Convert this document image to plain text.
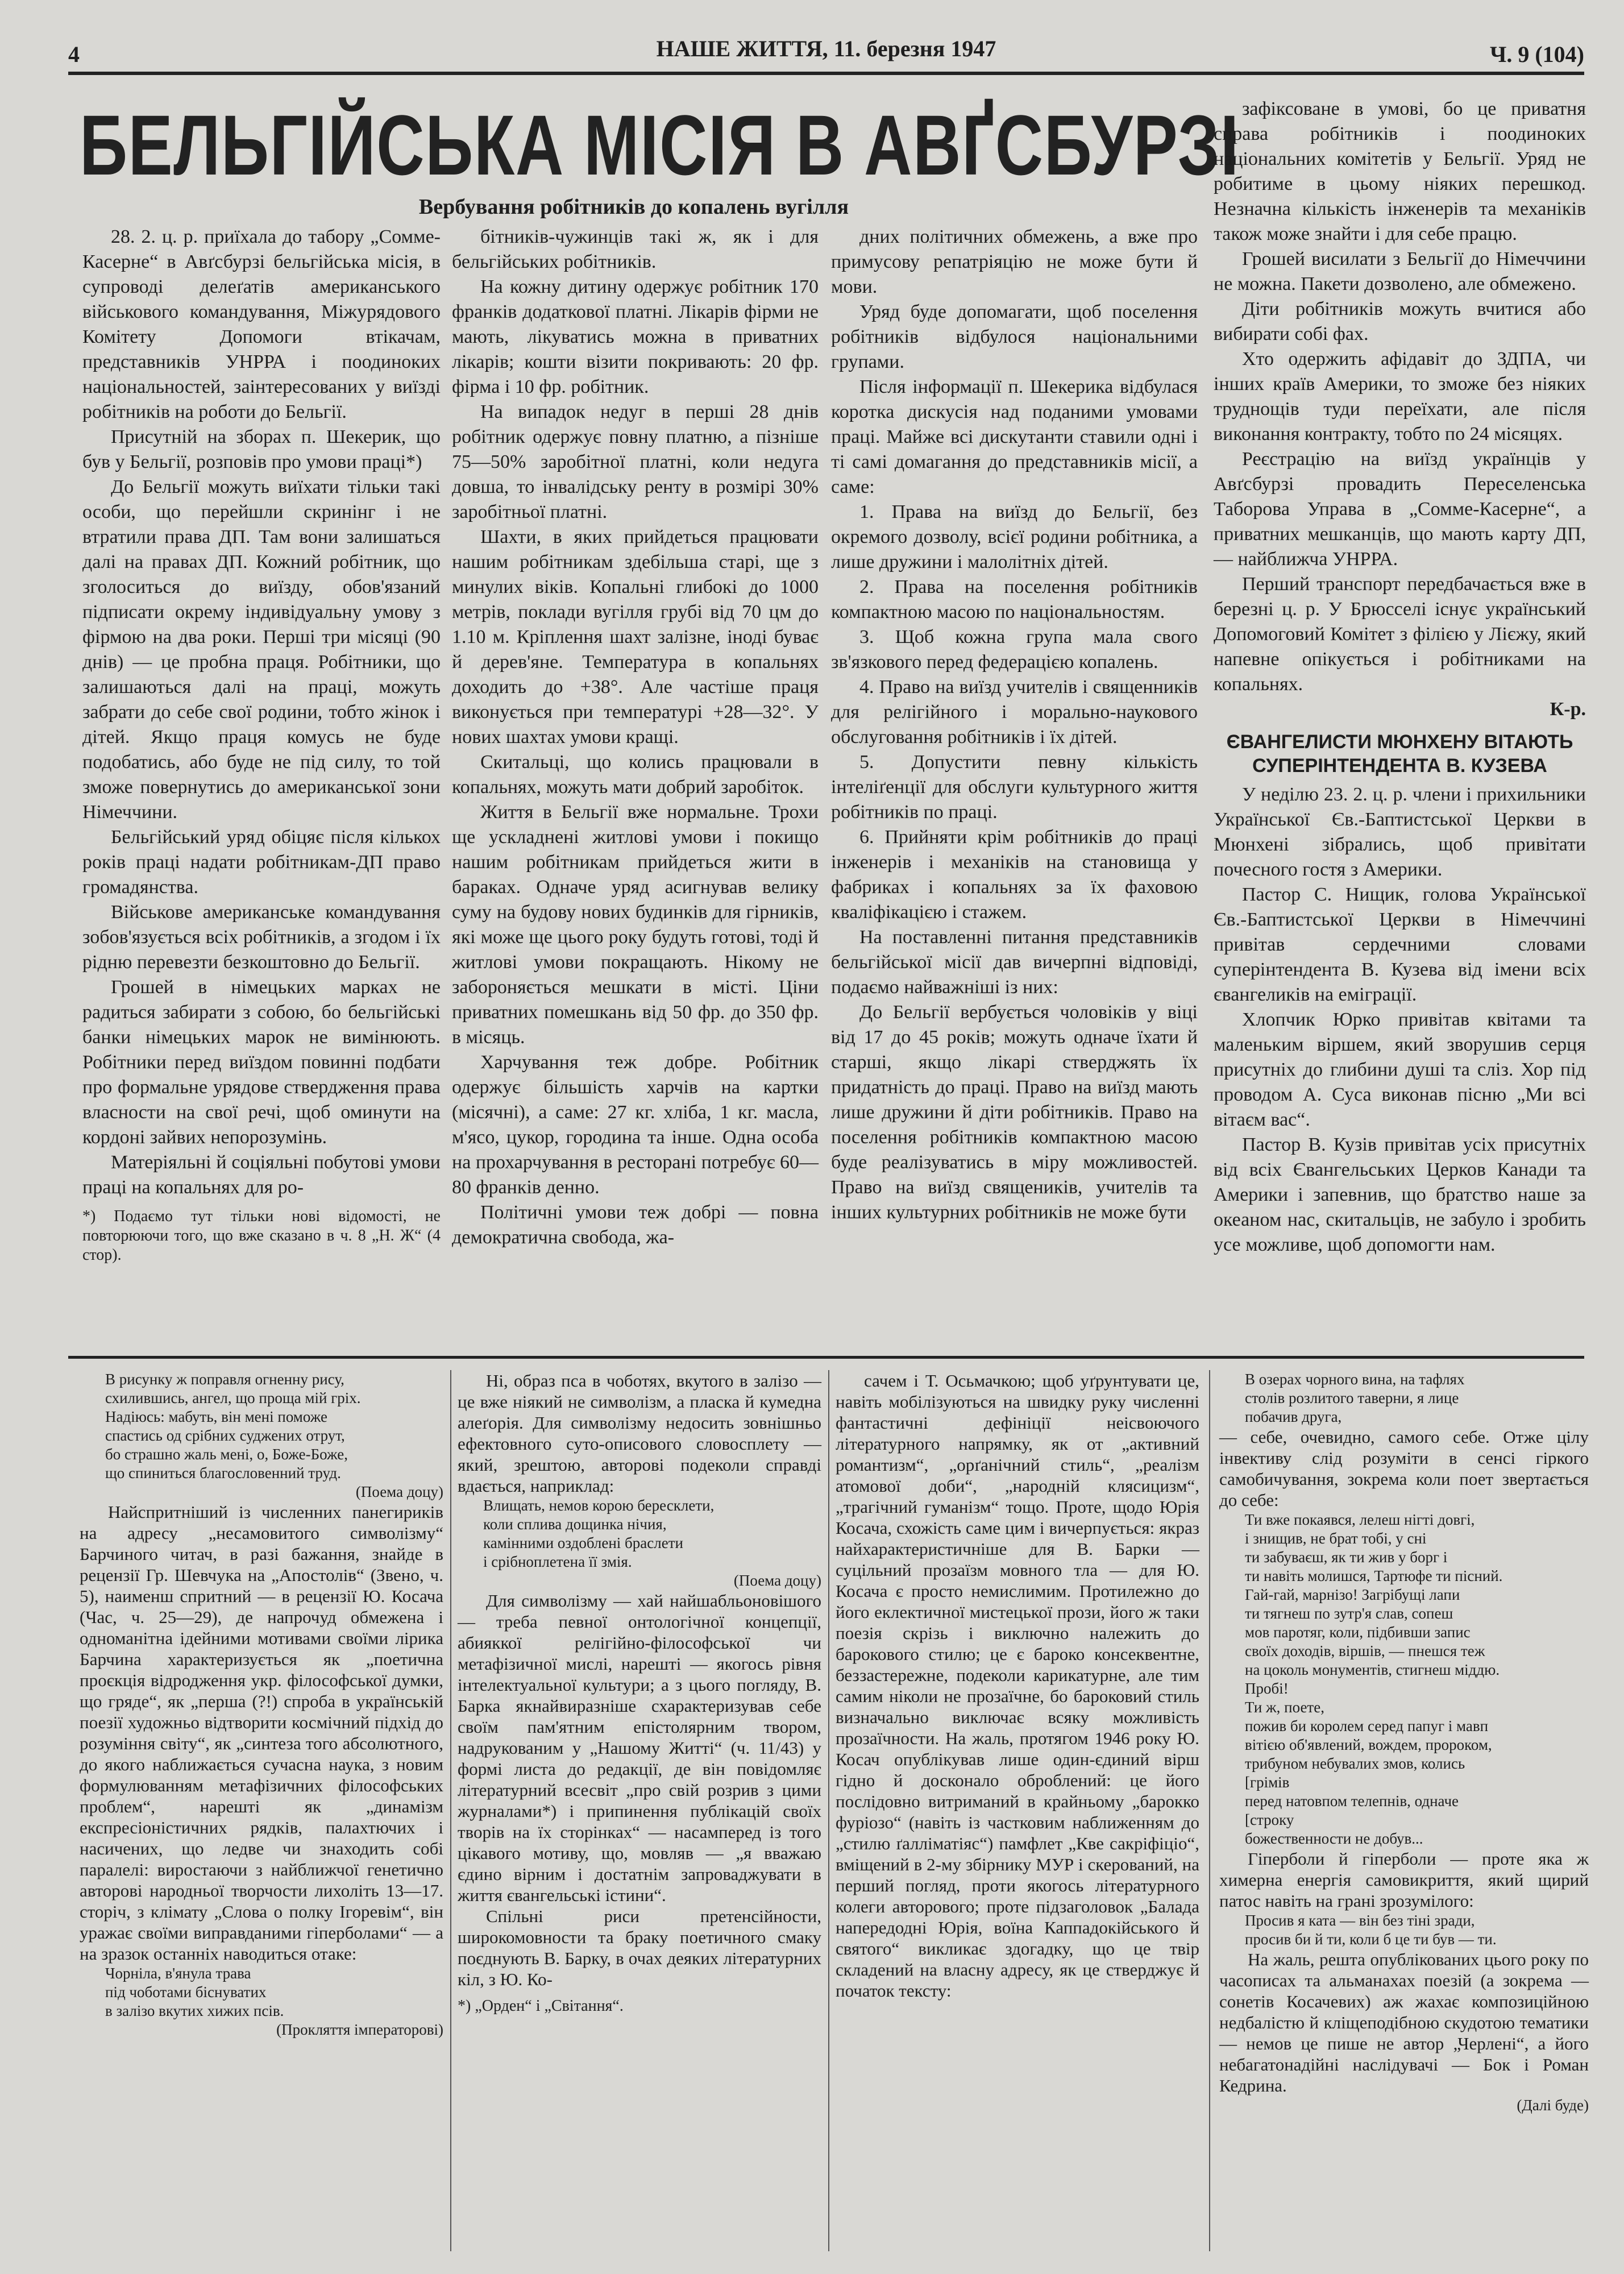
4	НАШЕ ЖИТТЯ, 11. березня 1947	Ч. 9 (104)
БЕЛЬГІЙСЬКА МІСІЯ В АВҐСБУРЗІ
Вербування робітників до копалень вугілля

28. 2. ц. р. приїхала до табору „Сомме-Касерне“ в Авґсбурзі бельгійська місія, в супроводі делеґатів американського військового командування, Міжурядового Комітету Допомоги втікачам, представників УНРРА і поодиноких національностей, заінтересованих у виїзді робітників на роботи до Бельгії.

Присутній на зборах п. Шекерик, що був у Бельгії, розповів про умови праці*)

До Бельгії можуть виїхати тільки такі особи, що перейшли скринінг і не втратили права ДП. Там вони залишаться далі на правах ДП. Кожний робітник, що зголоситься до виїзду, обов'язаний підписати окрему індивідуальну умову з фірмою на два роки. Перші три місяці (90 днів) — це пробна праця. Робітники, що залишаються далі на праці, можуть забрати до себе свої родини, тобто жінок і дітей. Якщо праця комусь не буде подобатись, або буде не під силу, то той зможе повернутись до американської зони Німеччини.

Бельгійський уряд обіцяє після кількох років праці надати робітникам-ДП право громадянства.

Військове американське командування зобов'язується всіх робітників, а згодом і їх рідню перевезти безкоштовно до Бельгії.

Грошей в німецьких марках не радиться забирати з собою, бо бельгійські банки німецьких марок не вимінюють. Робітники перед виїздом повинні подбати про формальне урядове ствердження права власности на свої речі, щоб оминути на кордоні зайвих непорозумінь.

Матеріяльні й соціяльні побутові умови праці на копальнях для ро-

*) Подаємо тут тільки нові відомості, не повторюючи того, що вже сказано в ч. 8 „Н. Ж“ (4 стор).

бітників-чужинців такі ж, як і для бельгійських робітників.

На кожну дитину одержує робітник 170 франків додаткової платні. Лікарів фірми не мають, лікуватись можна в приватних лікарів; кошти візити покривають: 20 фр. фірма і 10 фр. робітник.

На випадок недуг в перші 28 днів робітник одержує повну платню, а пізніше 75—50% заробітної платні, коли недуга довша, то інвалідську ренту в розмірі 30% заробітньої платні.

Шахти, в яких прийдеться працювати нашим робітникам здебільша старі, ще з минулих віків. Копальні глибокі до 1000 метрів, поклади вугілля грубі від 70 цм до 1.10 м. Кріплення шахт залізне, іноді буває й дерев'яне. Температура в копальнях доходить до +38°. Але частіше праця виконується при температурі +28—32°. У нових шахтах умови кращі.

Скитальці, що колись працювали в копальнях, можуть мати добрий заробіток.

Життя в Бельгії вже нормальне. Трохи ще ускладнені житлові умови і покищо нашим робітникам прийдеться жити в бараках. Одначе уряд асигнував велику суму на будову нових будинків для гірників, які може ще цього року будуть готові, тоді й житлові умови покращають. Нікому не забороняється мешкати в місті. Ціни приватних помешкань від 50 фр. до 350 фр. в місяць.

Харчування теж добре. Робітник одержує більшість харчів на картки (місячні), а саме: 27 кг. хліба, 1 кг. масла, м'ясо, цукор, городина та інше. Одна особа на прохарчування в ресторані потребує 60—80 франків денно.

Політичні умови теж добрі — повна демократична свобода, жа-

дних політичних обмежень, а вже про примусову репатріяцію не може бути й мови.

Уряд буде допомагати, щоб поселення робітників відбулося національними групами.

Після інформації п. Шекерика відбулася коротка дискусія над поданими умовами праці. Майже всі дискутанти ставили одні і ті самі домагання до представників місії, а саме:

1. Права на виїзд до Бельгії, без окремого дозволу, всієї родини робітника, а лише дружини і малолітніх дітей.

2. Права на поселення робітників компактною масою по національностям.

3. Щоб кожна група мала свого зв'язкового перед федерацією копалень.

4. Право на виїзд учителів і священників для релігійного і морально-наукового обслуговання робітників і їх дітей.

5. Допустити певну кількість інтеліґенції для обслуги культурного життя робітників по праці.

6. Прийняти крім робітників до праці інженерів і механіків на становища у фабриках і копальнях за їх фаховою кваліфікацією і стажем.

На поставленні питання представників бельгійської місії дав вичерпні відповіді, подаємо найважніші із них:

До Бельгії вербується чоловіків у віці від 17 до 45 років; можуть одначе їхати й старші, якщо лікарі стверджять їх придатність до праці. Право на виїзд мають лише дружини й діти робітників. Право на поселення робітників компактною масою буде реалізуватись в міру можливостей. Право на виїзд священиків, учителів та інших культурних робітників не може бути

зафіксоване в умові, бо це приватня справа робітників і поодиноких національних комітетів у Бельгії. Уряд не робитиме в цьому ніяких перешкод. Незначна кількість інженерів та механіків також може знайти і для себе працю.

Грошей висилати з Бельгії до Німеччини не можна. Пакети дозволено, але обмежено.

Діти робітників можуть вчитися або вибирати собі фах.

Хто одержить афідавіт до ЗДПА, чи інших країв Америки, то зможе без ніяких труднощів туди переїхати, але після виконання контракту, тобто по 24 місяцях.

Реєстрацію на виїзд українців у Авґсбурзі провадить Переселенська Таборова Управа в „Сомме-Касерне“, а приватних мешканців, що мають карту ДП, — найближча УНРРА.

Перший транспорт передбачається вже в березні ц. р. У Брюсселі існує український Допомоговий Комітет з філією у Лієжу, який напевне опікується і робітниками на копальнях.

К-р.

ЄВАНГЕЛИСТИ МЮНХЕНУ ВІТАЮТЬ СУПЕРІНТЕНДЕНТА В. КУЗЕВА

У неділю 23. 2. ц. р. члени і прихильники Української Єв.-Баптистської Церкви в Мюнхені зібрались, щоб привітати почесного гостя з Америки.

Пастор С. Нищик, голова Української Єв.-Баптистської Церкви в Німеччині привітав сердечними словами суперінтендента В. Кузева від імени всіх євангеликів на еміграції.

Хлопчик Юрко привітав квітами та маленьким віршем, який зворушив серця присутніх до глибини душі та сліз. Хор під проводом А. Суса виконав пісню „Ми всі вітаєм вас“.

Пастор В. Кузів привітав усіх присутніх від всіх Євангельських Церков Канади та Америки і запевнив, що братство наше за океаном нас, скитальців, не забуло і зробить усе можливе, щоб допомогти нам.

В рисунку ж поправля огненну рису,

схилившись, ангел, що проща мій гріх.

Надіюсь: мабуть, він мені поможе

спастись од срібних суджених отрут,

бо страшно жаль мені, о, Боже-Боже,

що спиниться благословенний труд.

(Поема доцу)

Найспритніший із численних панегириків на адресу „несамовитого символізму“ Барчиного читач, в разі бажання, знайде в рецензії Гр. Шевчука на „Апостолів“ (Звено, ч. 5), наименш спритний — в рецензії Ю. Косача (Час, ч. 25—29), де напрочуд обмежена і одноманітна ідейними мотивами своїми лірика Барчина характеризується як „поетична проєкція відродження укр. філософської думки, що гряде“, як „перша (?!) спроба в українській поезії художньо відтворити космічний підхід до розуміння світу“, як „синтеза того абсолютного, до якого наближається сучасна наука, з новим формулюванням метафізичних філософських проблем“, нарешті як „динамізм експресіоністичних рядків, палахтючих і насичених, що ледве чи знаходить собі паралелі: виростаючи з найближчої генетично авторові народньої творчости лихоліть 13—17. сторіч, з клімату „Слова о полку Ігоревім“, він уражає своїми виправданими гіперболами“ — а на зразок останніх наводиться отаке:

Чорніла, в'янула трава

під чоботами біснуватих

в залізо вкутих хижих псів.

(Прокляття імператорові)

Ні, образ пса в чоботях, вкутого в залізо — це вже ніякий не символізм, а пласка й кумедна алеґорія. Для символізму недосить зовнішньо ефектовного суто-описового словосплету — який, зрештою, авторові подеколи справді вдається, наприклад:

Влищать, немов корою бересклети,

коли сплива дощинка нічия,

камінними оздоблені браслети

і срібноплетена її змія.

(Поема доцу)

Для символізму — хай найшабльоновішого — треба певної онтологічної концепції, абияккої релігійно-філософської чи метафізичної мислі, нарешті — якогось рівня інтелектуальної культури; а з цього погляду, В. Барка якнайвиразніше схарактеризував себе своїм пам'ятним епістолярним твором, надрукованим у „Нашому Житті“ (ч. 11/43) у формі листа до редакції, де він повідомляє літературний всесвіт „про свій розрив з цими журналами*) і припинення публікацій своїх творів на їх сторінках“ — насамперед із того цікавого мотиву, що, мовляв — „я вважаю єдино вірним і достатнім запроваджувати в життя євангельські істини“.

Спільні риси претенсійности, широкомовности та браку поетичного смаку поєднують В. Барку, в очах деяких літературних кіл, з Ю. Ко-

*) „Орден“ і „Світання“.

сачем і Т. Осьмачкою; щоб уґрунтувати це, навіть мобілізуються на швидку руку численні фантастичні дефініції неісвоючого літературного напрямку, як от „активний романтизм“, „орґанічний стиль“, „реалізм атомової доби“, „народній клясицизм“, „трагічний гуманізм“ тощо. Проте, щодо Юрія Косача, схожість саме цим і вичерпується: якраз найхарактеристичніше для В. Барки — суцільний прозаїзм мовного тла — для Ю. Косача є просто немислимим. Протилежно до його еклектичної мистецької прози, його ж таки поезія скрізь і виключно належить до барокового стилю; це є бароко консеквентне, беззастережне, подеколи карикатурне, але тим самим ніколи не прозаїчне, бо барoковий стиль визначально виключає всяку можливість прозаїчности. На жаль, протягом 1946 року Ю. Косач опублікував лише один-єдиний вірш гідно й досконало оброблений: це його послідовно витриманий в крайньому „барокко фуріозо“ (навіть із частковим наближенням до „стилю ґалліматіяс“) памфлет „Кве сакріфіціо“, вміщений в 2-му збірнику МУР і скерований, на перший погляд, проти якогось літературного колеги авторового; проте підзаголовок „Балада напередодні Юрія, воїна Каппадокійського й святого“ викликає здогадку, що це твір складений на власну адресу, як це стверджує й початок тексту:

В озерах чорного вина, на тафлях

столів розлитого таверни, я лице

побачив друга,

— себе, очевидно, самого себе. Отже цілу інвективу слід розуміти в сенсі гіркого самобичування, зокрема коли поет звертається до себе:

Ти вже покаявся, лелеш нігті довгі,

і знищив, не брат тобі, у сні

ти забуваєш, як ти жив у борг і

ти навіть молишся, Тартюфе ти пісний.

Гай-гай, марнізо! Загрібущі лапи

ти тягнеш по зутр'я слав, сопеш

мов паротяг, коли, підбивши запис

своїх доходів, віршів, — пнешся теж

на цоколь монументів, стигнеш міддю.

Пробі!

Ти ж, поете,

пожив би королем серед папуг і мавп

вітією об'явлений, вождем, пророком,

трибуном небувалих змов, колись

[грімів

перед натовпом телепнів, одначе

[строку

божественности не добув...

Гіперболи й гіперболи — проте яка ж химерна енергія самовикриття, який щирий патос навіть на грані зрозумілого:

Просив я ката — він без тіні зради,

просив би й ти, коли б це ти був — ти.

На жаль, решта опублікованих цього року по часописах та альманахах поезій (а зокрема — сонетів Косачевих) аж жахає композиційною недбалістю й кліщеподібною скудотою тематики — немов це пише не автор „Черлені“, а його небагатонадійні наслідувачі — Бок і Роман Кедрина.

(Далі буде)
